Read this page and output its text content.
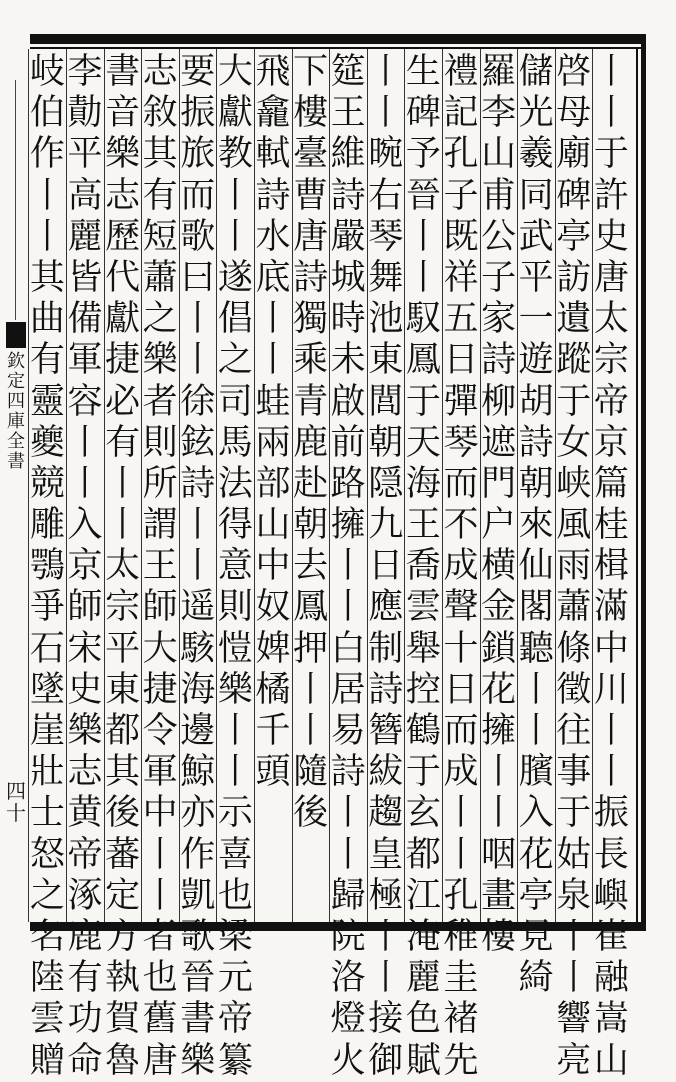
欽
定
四
庫
全
書
四
十
丨
丨
于
許
史
唐
太
宗
帝
京
篇
桂
楫
滿
中
川
丨
丨
振
長
嶼
崔
融
嵩
山
啓
母
廟
碑
亭
訪
遺
蹤
于
女
峡
風
雨
蕭
條
徵
往
事
于
姑
泉
丨
丨
響
亮
儲
光
羲
同
武
平
一
遊
胡
詩
朝
來
仙
閣
聽
丨
丨
臏
入
花
亭
見
綺
羅
李
山
甫
公
子
家
詩
柳
遮
門
户
横
金
鎖
花
擁
丨
丨
咽
畫
樓
禮
記
孔
子
既
祥
五
日
彈
琴
而
不
成
聲
十
日
而
成
丨
丨
孔
稚
圭
褚
先
生
碑
予
晉
丨
丨
馭
鳳
于
天
海
王
喬
雲
舉
控
鶴
于
玄
都
江
淹
麗
色
賦
丨
丨
晼
右
琴
舞
池
東
閭
朝
隠
九
日
應
制
詩
簪
紱
趨
皇
極
丨
丨
接
御
筵
王
維
詩
嚴
城
時
未
啟
前
路
擁
丨
丨
白
居
易
詩
丨
丨
歸
院
洛
燈
火
下
樓
臺
曹
唐
詩
獨
乘
青
鹿
赴
朝
去
鳳
押
丨
丨
隨
後
飛
龕
軾
詩
水
底
丨
丨
蛙
兩
部
山
中
奴
婢
橘
千
頭
大
獻
教
丨
丨
遂
倡
之
司
馬
法
得
意
則
愷
樂
丨
丨
示
喜
也
梁
元
帝
纂
要
振
旅
而
歌
曰
丨
丨
徐
鉉
詩
丨
丨
遥
駭
海
邊
鯨
亦
作
凱
歌
晉
書
樂
志
敘
其
有
短
蕭
之
樂
者
則
所
謂
王
師
大
捷
令
軍
中
丨
丨
者
也
舊
唐
書
音
樂
志
歷
代
獻
捷
必
有
丨
丨
太
宗
平
東
都
其
後
蕃
定
方
執
賀
魯
李
勣
平
高
麗
皆
備
軍
容
丨
丨
入
京
師
宋
史
樂
志
黄
帝
涿
鹿
有
功
命
岐
伯
作
丨
丨
其
曲
有
靈
夔
競
雕
鶚
爭
石
墜
崖
壯
士
怒
之
名
陸
雲
贈
